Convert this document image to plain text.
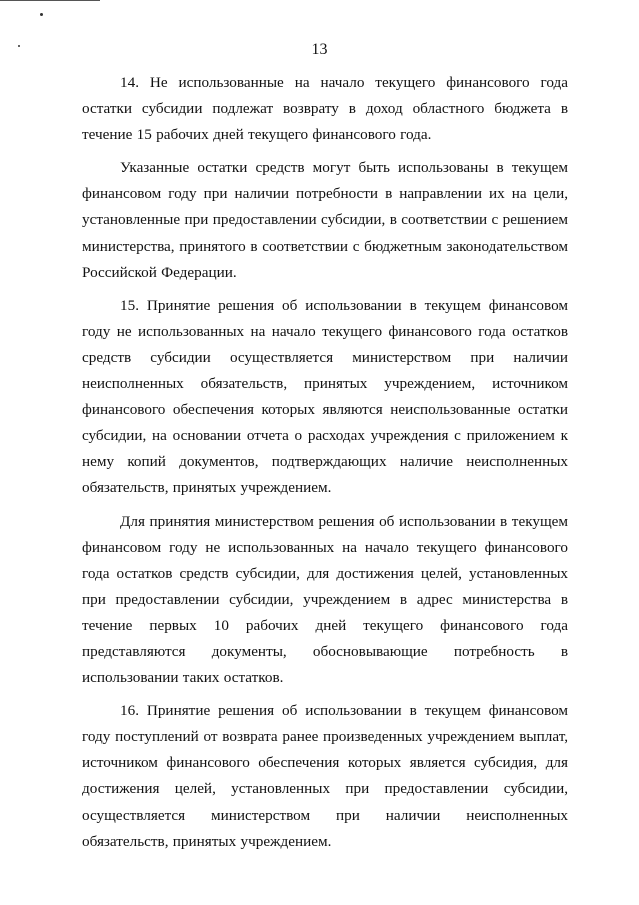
13

14. Не использованные на начало текущего финансового года остатки субсидии подлежат возврату в доход областного бюджета в течение 15 рабочих дней текущего финансового года.

Указанные остатки средств могут быть использованы в текущем финансовом году при наличии потребности в направлении их на цели, установленные при предоставлении субсидии, в соответствии с решением министерства, принятого в соответствии с бюджетным законодательством Российской Федерации.

15. Принятие решения об использовании в текущем финансовом году не использованных на начало текущего финансового года остатков средств субсидии осуществляется министерством при наличии неисполненных обязательств, принятых учреждением, источником финансового обеспечения которых являются неиспользованные остатки субсидии, на основании отчета о расходах учреждения с приложением к нему копий документов, подтверждающих наличие неисполненных обязательств, принятых учреждением.

Для принятия министерством решения об использовании в текущем финансовом году не использованных на начало текущего финансового года остатков средств субсидии, для достижения целей, установленных при предоставлении субсидии, учреждением в адрес министерства в течение первых 10 рабочих дней текущего финансового года представляются документы, обосновывающие потребность в использовании таких остатков.

16. Принятие решения об использовании в текущем финансовом году поступлений от возврата ранее произведенных учреждением выплат, источником финансового обеспечения которых является субсидия, для достижения целей, установленных при предоставлении субсидии, осуществляется министерством при наличии неисполненных обязательств, принятых учреждением.
